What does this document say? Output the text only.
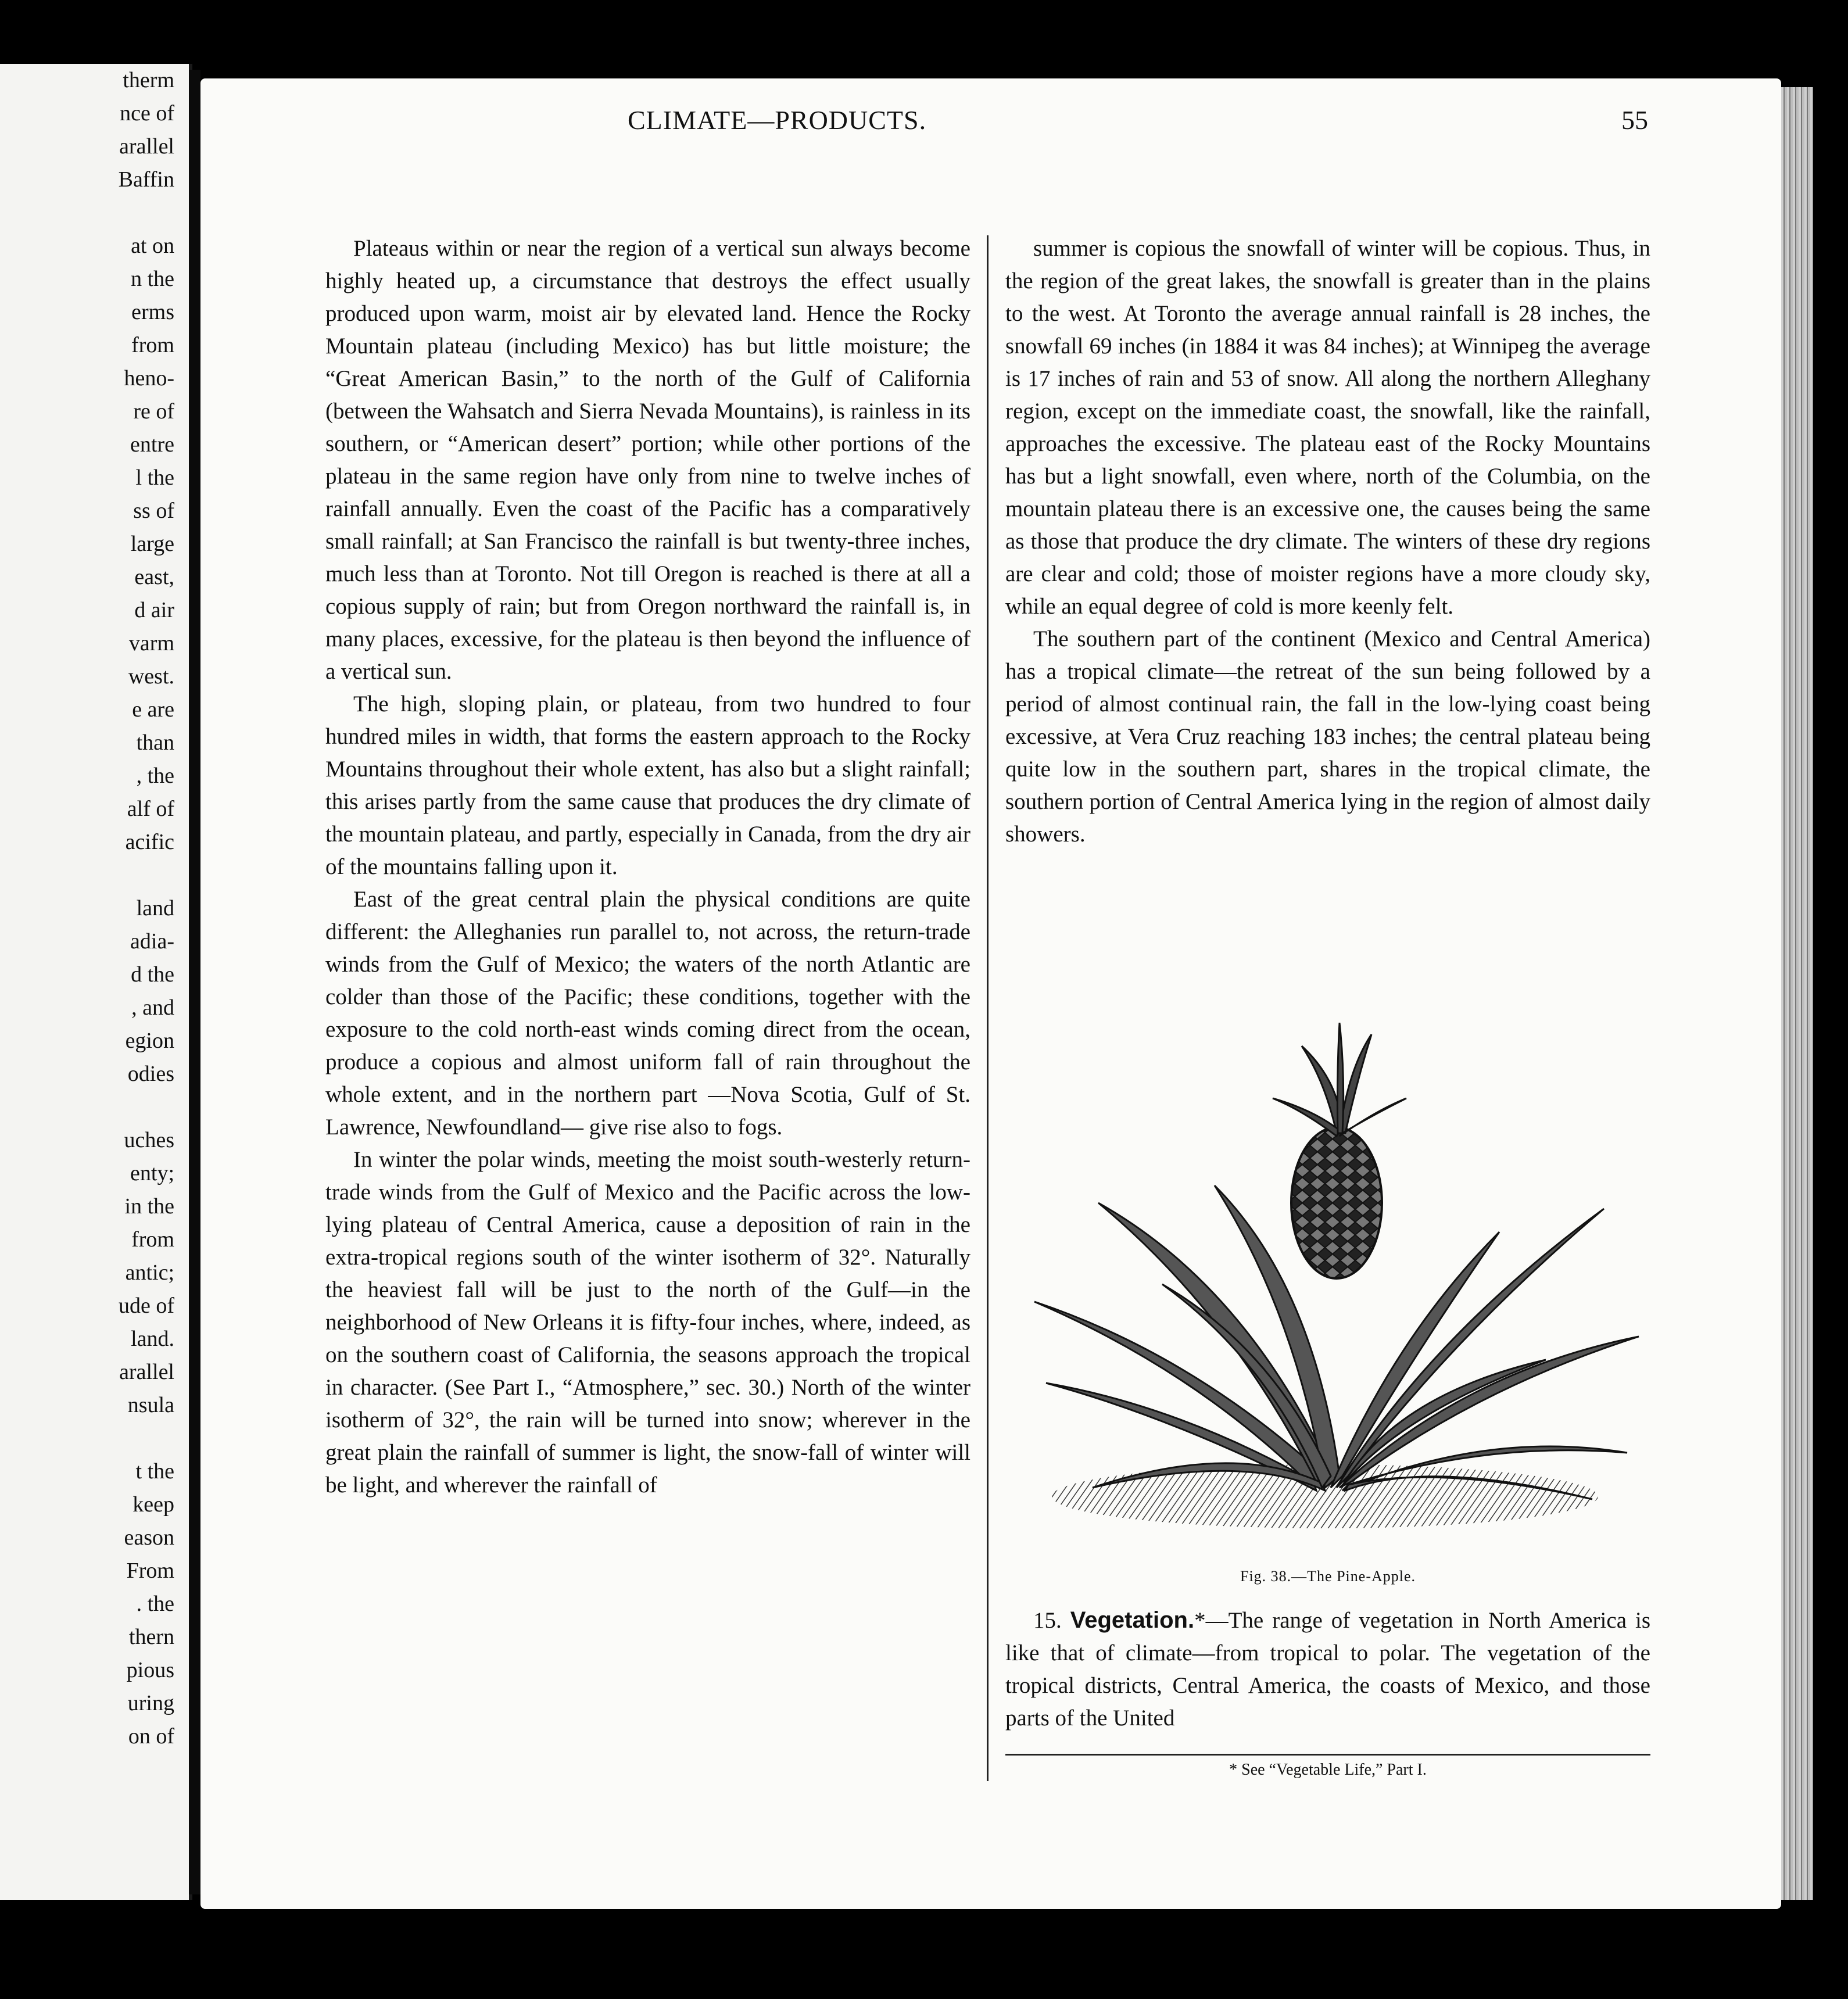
therm
nce of
arallel
Baffin

at on
n the
erms
from
heno-
re of
entre
l the
ss of
large
east,
d air
varm
west.
e are
than
, the
alf of
acific

land
adia-
d the
, and
egion
odies

uches
enty;
in the
from
antic;
ude of
land.
arallel
nsula

t the
keep
eason
From
. the
thern
pious
uring
on of
CLIMATE—PRODUCTS.	55

Plateaus within or near the region of a vertical sun always become highly heated up, a circumstance that destroys the effect usually produced upon warm, moist air by elevated land. Hence the Rocky Mountain plateau (including Mexico) has but little moisture; the “Great American Basin,” to the north of the Gulf of California (between the Wahsatch and Sierra Nevada Mountains), is rainless in its southern, or “American desert” portion; while other portions of the plateau in the same region have only from nine to twelve inches of rainfall annually. Even the coast of the Pacific has a comparatively small rainfall; at San Francisco the rainfall is but twenty-three inches, much less than at Toronto. Not till Oregon is reached is there at all a copious supply of rain; but from Oregon northward the rainfall is, in many places, excessive, for the plateau is then beyond the influence of a vertical sun.

The high, sloping plain, or plateau, from two hundred to four hundred miles in width, that forms the eastern approach to the Rocky Mountains throughout their whole extent, has also but a slight rainfall; this arises partly from the same cause that produces the dry climate of the mountain plateau, and partly, especially in Canada, from the dry air of the mountains falling upon it.

East of the great central plain the physical conditions are quite different: the Alleghanies run parallel to, not across, the return-trade winds from the Gulf of Mexico; the waters of the north Atlantic are colder than those of the Pacific; these conditions, together with the exposure to the cold north-east winds coming direct from the ocean, produce a copious and almost uniform fall of rain throughout the whole extent, and in the northern part —Nova Scotia, Gulf of St. Lawrence, Newfoundland— give rise also to fogs.

In winter the polar winds, meeting the moist south-westerly return-trade winds from the Gulf of Mexico and the Pacific across the low-lying plateau of Central America, cause a deposition of rain in the extra-tropical regions south of the winter isotherm of 32°. Naturally the heaviest fall will be just to the north of the Gulf—in the neighborhood of New Orleans it is fifty-four inches, where, indeed, as on the southern coast of California, the seasons approach the tropical in character. (See Part I., “Atmosphere,” sec. 30.) North of the winter isotherm of 32°, the rain will be turned into snow; wherever in the great plain the rainfall of summer is light, the snow-fall of winter will be light, and wherever the rainfall of

summer is copious the snowfall of winter will be copious. Thus, in the region of the great lakes, the snowfall is greater than in the plains to the west. At Toronto the average annual rainfall is 28 inches, the snowfall 69 inches (in 1884 it was 84 inches); at Winnipeg the average is 17 inches of rain and 53 of snow. All along the northern Alleghany region, except on the immediate coast, the snowfall, like the rainfall, approaches the excessive. The plateau east of the Rocky Mountains has but a light snowfall, even where, north of the Columbia, on the mountain plateau there is an excessive one, the causes being the same as those that produce the dry climate. The winters of these dry regions are clear and cold; those of moister regions have a more cloudy sky, while an equal degree of cold is more keenly felt.

The southern part of the continent (Mexico and Central America) has a tropical climate—the retreat of the sun being followed by a period of almost continual rain, the fall in the low-lying coast being excessive, at Vera Cruz reaching 183 inches; the central plateau being quite low in the southern part, shares in the tropical climate, the southern portion of Central America lying in the region of almost daily showers.

Fig. 38.—The Pine-Apple.

15. Vegetation.*—The range of vegetation in North America is like that of climate—from tropical to polar. The vegetation of the tropical districts, Central America, the coasts of Mexico, and those parts of the United

* See “Vegetable Life,” Part I.
